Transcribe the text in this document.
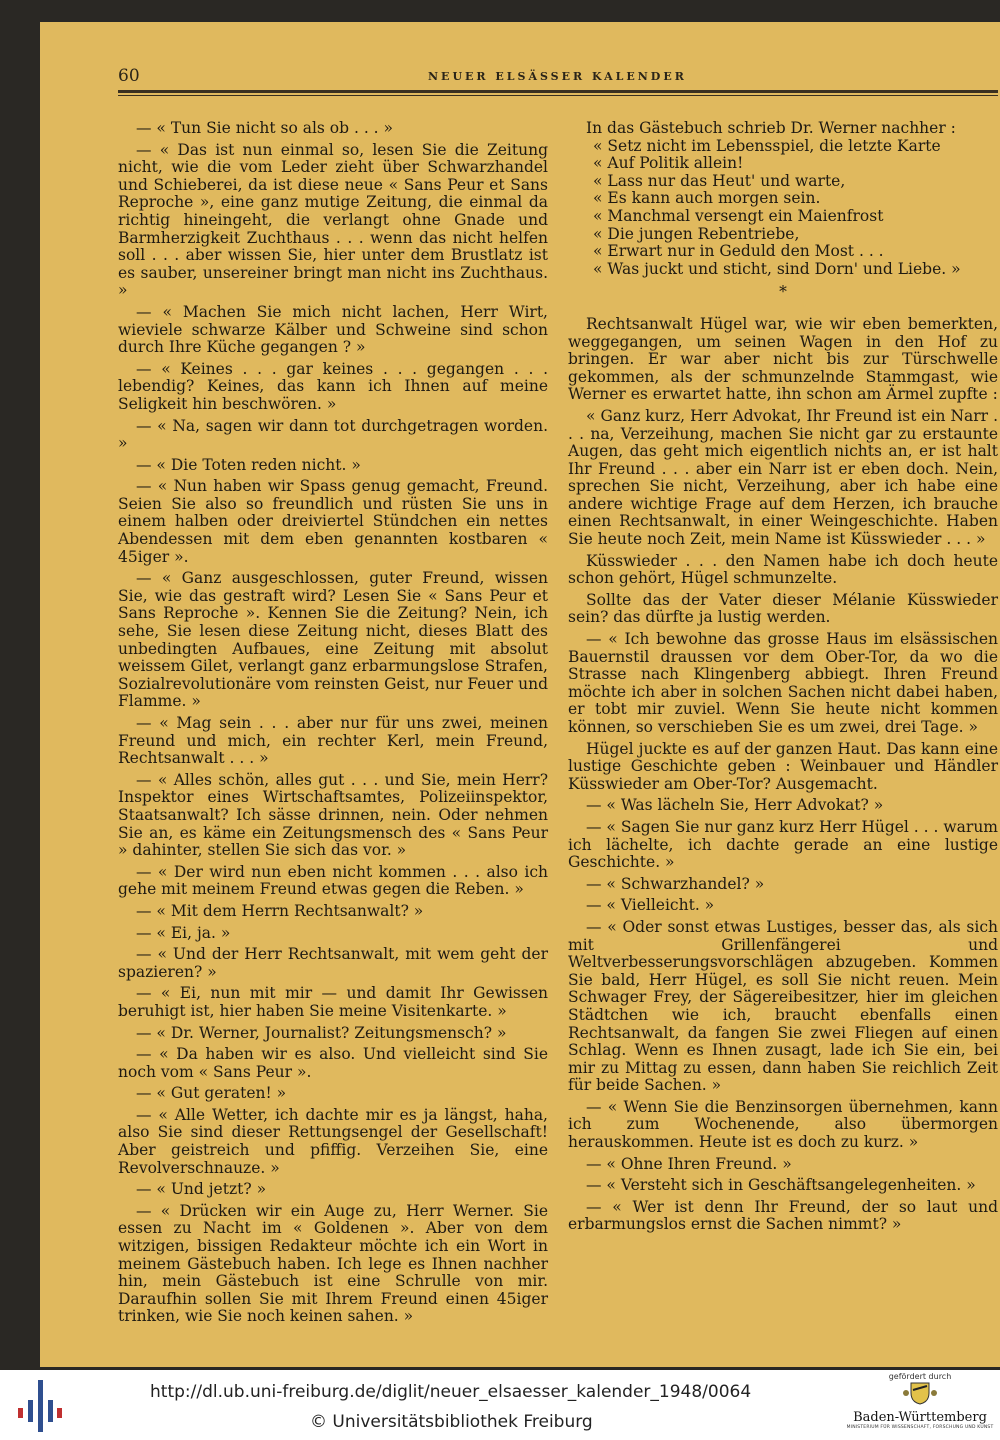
60	NEUER ELSÄSSER KALENDER

— « Tun Sie nicht so als ob . . . »

— « Das ist nun einmal so, lesen Sie die Zeitung nicht, wie die vom Leder zieht über Schwarzhandel und Schieberei, da ist diese neue « Sans Peur et Sans Reproche », eine ganz mutige Zeitung, die einmal da richtig hineingeht, die verlangt ohne Gnade und Barmherzigkeit Zuchthaus . . . wenn das nicht helfen soll . . . aber wissen Sie, hier unter dem Brustlatz ist es sauber, unsereiner bringt man nicht ins Zuchthaus. »

— « Machen Sie mich nicht lachen, Herr Wirt, wieviele schwarze Kälber und Schweine sind schon durch Ihre Küche gegangen ? »

— « Keines . . . gar keines . . . gegangen . . . lebendig? Keines, das kann ich Ihnen auf meine Seligkeit hin beschwören. »

— « Na, sagen wir dann tot durchgetragen worden. »

— « Die Toten reden nicht. »

— « Nun haben wir Spass genug gemacht, Freund. Seien Sie also so freundlich und rüsten Sie uns in einem halben oder dreiviertel Stündchen ein nettes Abendessen mit dem eben genannten kostbaren « 45iger ».

— « Ganz ausgeschlossen, guter Freund, wissen Sie, wie das gestraft wird? Lesen Sie « Sans Peur et Sans Reproche ». Kennen Sie die Zeitung? Nein, ich sehe, Sie lesen diese Zeitung nicht, dieses Blatt des unbedingten Aufbaues, eine Zeitung mit absolut weissem Gilet, verlangt ganz erbarmungslose Strafen, Sozialrevolutionäre vom reinsten Geist, nur Feuer und Flamme. »

— « Mag sein . . . aber nur für uns zwei, meinen Freund und mich, ein rechter Kerl, mein Freund, Rechtsanwalt . . . »

— « Alles schön, alles gut . . . und Sie, mein Herr? Inspektor eines Wirtschaftsamtes, Polizeiinspektor, Staatsanwalt? Ich sässe drinnen, nein. Oder nehmen Sie an, es käme ein Zeitungsmensch des « Sans Peur » dahinter, stellen Sie sich das vor. »

— « Der wird nun eben nicht kommen . . . also ich gehe mit meinem Freund etwas gegen die Reben. »

— « Mit dem Herrn Rechtsanwalt? »

— « Ei, ja. »

— « Und der Herr Rechtsanwalt, mit wem geht der spazieren? »

— « Ei, nun mit mir — und damit Ihr Gewissen beruhigt ist, hier haben Sie meine Visitenkarte. »

— « Dr. Werner, Journalist? Zeitungsmensch? »

— « Da haben wir es also. Und vielleicht sind Sie noch vom « Sans Peur ».

— « Gut geraten! »

— « Alle Wetter, ich dachte mir es ja längst, haha, also Sie sind dieser Rettungsengel der Gesellschaft! Aber geistreich und pfiffig. Verzeihen Sie, eine Revolverschnauze. »

— « Und jetzt? »

— « Drücken wir ein Auge zu, Herr Werner. Sie essen zu Nacht im « Goldenen ». Aber von dem witzigen, bissigen Redakteur möchte ich ein Wort in meinem Gästebuch haben. Ich lege es Ihnen nachher hin, mein Gästebuch ist eine Schrulle von mir. Daraufhin sollen Sie mit Ihrem Freund einen 45iger trinken, wie Sie noch keinen sahen. »

In das Gästebuch schrieb Dr. Werner nachher :

« Setz nicht im Lebensspiel, die letzte Karte

« Auf Politik allein!

« Lass nur das Heut' und warte,

« Es kann auch morgen sein.

« Manchmal versengt ein Maienfrost

« Die jungen Rebentriebe,

« Erwart nur in Geduld den Most . . .

« Was juckt und sticht, sind Dorn' und Liebe. »

*

Rechtsanwalt Hügel war, wie wir eben bemerkten, weggegangen, um seinen Wagen in den Hof zu bringen. Er war aber nicht bis zur Türschwelle gekommen, als der schmunzelnde Stammgast, wie Werner es erwartet hatte, ihn schon am Ärmel zupfte :

« Ganz kurz, Herr Advokat, Ihr Freund ist ein Narr . . . na, Verzeihung, machen Sie nicht gar zu erstaunte Augen, das geht mich eigentlich nichts an, er ist halt Ihr Freund . . . aber ein Narr ist er eben doch. Nein, sprechen Sie nicht, Verzeihung, aber ich habe eine andere wichtige Frage auf dem Herzen, ich brauche einen Rechtsanwalt, in einer Weingeschichte. Haben Sie heute noch Zeit, mein Name ist Küsswieder . . . »

Küsswieder . . . den Namen habe ich doch heute schon gehört, Hügel schmunzelte.

Sollte das der Vater dieser Mélanie Küsswieder sein? das dürfte ja lustig werden.

— « Ich bewohne das grosse Haus im elsässischen Bauernstil draussen vor dem Ober-Tor, da wo die Strasse nach Klingenberg abbiegt. Ihren Freund möchte ich aber in solchen Sachen nicht dabei haben, er tobt mir zuviel. Wenn Sie heute nicht kommen können, so verschieben Sie es um zwei, drei Tage. »

Hügel juckte es auf der ganzen Haut. Das kann eine lustige Geschichte geben : Weinbauer und Händler Küsswieder am Ober-Tor? Ausgemacht.

— « Was lächeln Sie, Herr Advokat? »

— « Sagen Sie nur ganz kurz Herr Hügel . . . warum ich lächelte, ich dachte gerade an eine lustige Geschichte. »

— « Schwarzhandel? »

— « Vielleicht. »

— « Oder sonst etwas Lustiges, besser das, als sich mit Grillenfängerei und Weltverbesserungsvorschlägen abzugeben. Kommen Sie bald, Herr Hügel, es soll Sie nicht reuen. Mein Schwager Frey, der Sägereibesitzer, hier im gleichen Städtchen wie ich, braucht ebenfalls einen Rechtsanwalt, da fangen Sie zwei Fliegen auf einen Schlag. Wenn es Ihnen zusagt, lade ich Sie ein, bei mir zu Mittag zu essen, dann haben Sie reichlich Zeit für beide Sachen. »

— « Wenn Sie die Benzinsorgen übernehmen, kann ich zum Wochenende, also übermorgen herauskommen. Heute ist es doch zu kurz. »

— « Ohne Ihren Freund. »

— « Versteht sich in Geschäftsangelegenheiten. »

— « Wer ist denn Ihr Freund, der so laut und erbarmungslos ernst die Sachen nimmt? »

http://dl.ub.uni-freiburg.de/diglit/neuer_elsaesser_kalender_1948/0064
© Universitätsbibliothek Freiburg
gefördert durch
Baden-Württemberg
MINISTERIUM FÜR WISSENSCHAFT, FORSCHUNG UND KUNST
